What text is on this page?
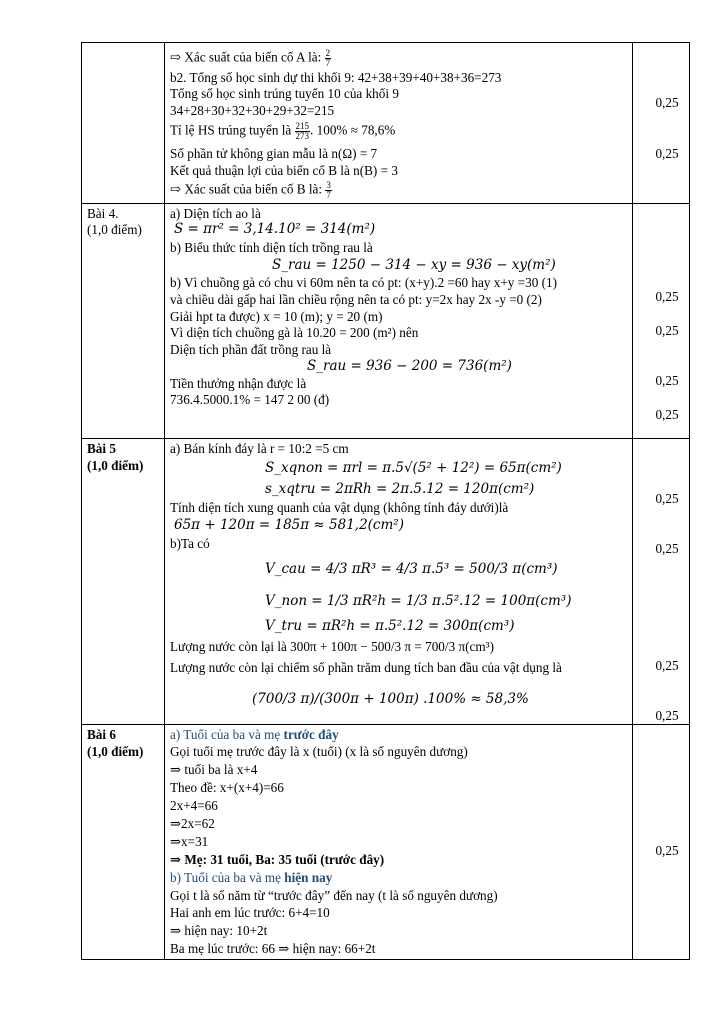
⇨ Xác suất của biến cố A là: $\frac{2}{7}$
b2. Tổng số học sinh dự thi khối 9: 42+38+39+40+38+36=273
Tổng số học sinh trúng tuyển 10 của khối 9
34+28+30+32+30+29+32=215
Tỉ lệ HS trúng tuyển là $\frac{215}{273}$ . 100% ≈ 78,6%
Số phần tử không gian mẫu là n(Ω) = 7
Kết quả thuận lợi của biến cố B là n(B) = 3
⇨ Xác suất của biến cố B là: $\frac{3}{7}$
0,25
0,25
Bài 4.
(1,0 điểm)
a) Diện tích ao là
S = πr² = 3,14.10² = 314(m²)
b) Biểu thức tính diện tích trồng rau là
S_rau = 1250 − 314 − xy = 936 − xy(m²)
b) Vì chuồng gà có chu vi 60m nên ta có pt: (x+y).2 =60 hay x+y =30 (1)
và chiều dài gấp hai lần chiều rộng nên ta có pt: y=2x hay 2x -y =0 (2)
Giải hpt ta được) x = 10 (m); y = 20 (m)
Vì diện tích chuồng gà là 10.20 = 200 (m²) nên
Diện tích phần đất trồng rau là
S_rau = 936 − 200 = 736(m²)
Tiền thưởng nhận được là
736.4.5000.1% = 147 2 00 (đ)
0,25
0,25
0,25
0,25
Bài 5
(1,0 điểm)
a) Bán kính đáy là r = 10:2 =5 cm
S_xqnon = πrl = π.5√(5² + 12²) = 65π(cm²)
s_xqtru = 2πRh = 2π.5.12 = 120π(cm²)
Tính diện tích xung quanh của vật dụng (không tính đáy dưới)là
65π + 120π = 185π ≈ 581,2(cm²)
b)Ta có
V_cau = 4/3 πR³ = 4/3 π.5³ = 500/3 π(cm³)
V_non = 1/3 πR²h = 1/3 π.5².12 = 100π(cm³)
V_tru = πR²h = π.5².12 = 300π(cm³)
Lượng nước còn lại là 300π + 100π − 500/3 π = 700/3 π(cm³)
Lượng nước còn lại chiếm số phần trăm dung tích ban đầu của vật dụng là
(700/3 π)/(300π + 100π) .100% ≈ 58,3%
0,25
0,25
0,25
0,25
Bài 6
(1,0 điểm)
a) Tuổi của ba và mẹ trước đây
Gọi tuổi mẹ trước đây là x (tuổi) (x là số nguyên dương)
⇒ tuổi ba là x+4
Theo đề: x+(x+4)=66
2x+4=66
⇒2x=62
⇒x=31
⇒ Mẹ: 31 tuổi, Ba: 35 tuổi (trước đây)
b) Tuổi của ba và mẹ hiện nay
Gọi t là số năm từ “trước đây” đến nay (t là số nguyên dương)
Hai anh em lúc trước: 6+4=10
⇒ hiện nay: 10+2t
Ba mẹ lúc trước: 66 ⇒ hiện nay: 66+2t
0,25
